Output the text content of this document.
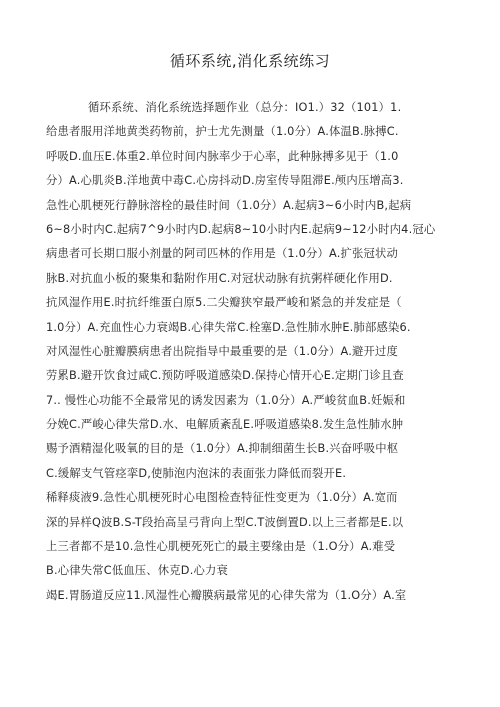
循环系统,消化系统练习
循环系统、消化系统选择题作业（总分：IO1.）32（101）1.
给患者服用洋地黄类药物前，护士尤先测量（1.0分）A.体温B.脉搏C.
呼吸D.血压E.体重2.单位时间内脉率少于心率，此种脉搏多见于（1.0
分）A.心肌炎B.洋地黄中毒C.心房抖动D.房室传导阻滞E.颅内压增高3.
急性心肌梗死行静脉溶栓的最佳时间（1.0分）A.起病3~6小时内B,起病
6~8小时内C.起病7^9小时内D.起病8~10小时内E.起病9~12小时内4.冠心
病患者可长期口服小剂量的阿司匹林的作用是（1.0分）A.扩张冠状动
脉B.对抗血小板的聚集和黏附作用C.对冠状动脉有抗粥样硬化作用D.
抗风湿作用E.时抗纤维蛋白原5.二尖瓣狭窄最严峻和紧急的并发症是（
1.0分）A.充血性心力衰竭B.心律失常C.栓塞D.急性肺水肿E.肺部感染6.
对风湿性心脏瓣膜病患者出院指导中最重要的是（1.0分）A.避开过度
劳累B.避开饮食过咸C.预防呼吸道感染D.保持心情开心E.定期门诊且查
7.. 慢性心功能不全最常见的诱发因素为（1.0分）A.严峻贫血B.妊娠和
分娩C.严峻心律失常D.水、电解质紊乱E.呼吸道感染8.发生急性肺水肿
赐予酒精湿化吸氧的目的是（1.0分）A.抑制细菌生长B.兴奋呼吸中枢
C.缓解支气管痉挛D,使肺泡内泡沫的表面张力降低而裂开E.
稀释痰液9.急性心肌梗死时心电图检查特征性变更为（1.0分）A.宽而
深的异样Q波B.S-T段抬高呈弓背向上型C.T波倒置D.以上三者都是E.以
上三者都不是10.急性心肌梗死死亡的最主要缘由是（1.O分）A.难受
B.心律失常C低血压、休克D.心力衰
竭E.胃肠道反应11.风湿性心瓣膜病最常见的心律失常为（1.O分）A.室
